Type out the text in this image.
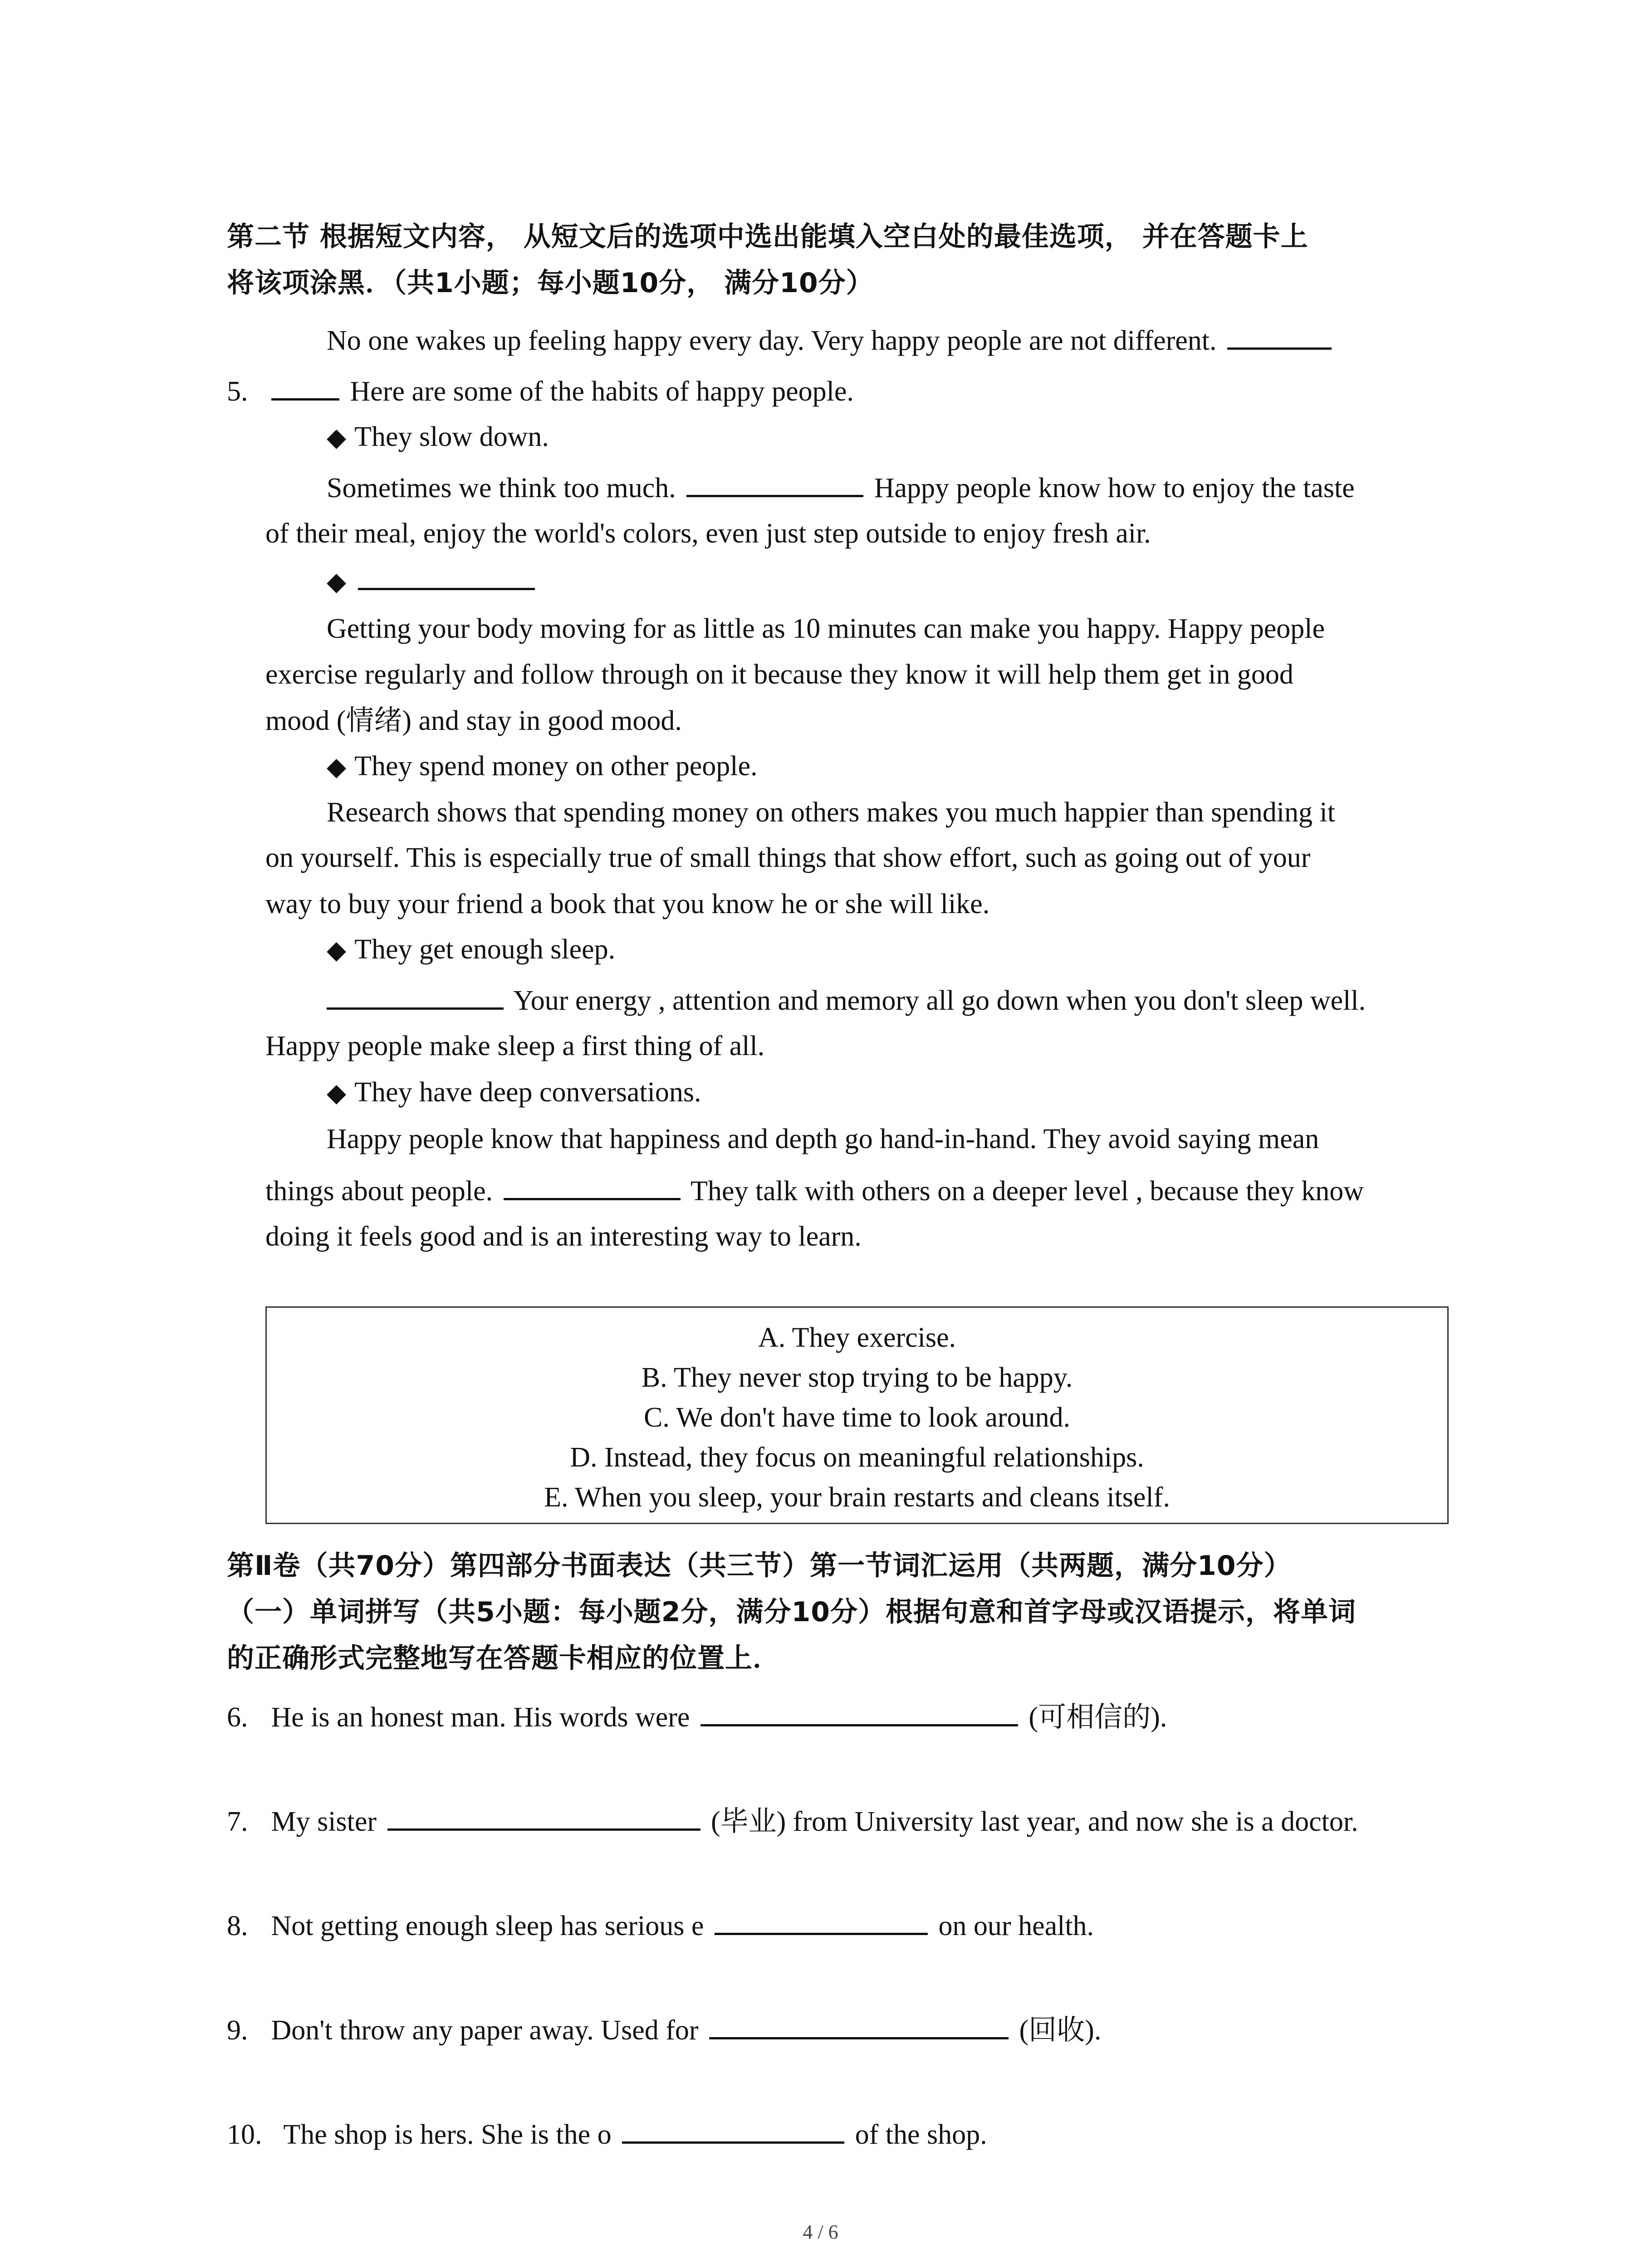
第二节 根据短文内容， 从短文后的选项中选出能填入空白处的最佳选项， 并在答题卡上
将该项涂黑．（共1小题；每小题10分， 满分10分）
No one wakes up feeling happy every day. Very happy people are not different.
5.	Here are some of the habits of happy people.
◆ They slow down.
Sometimes we think too much.	Happy people know how to enjoy the taste
of their meal, enjoy the world's colors, even just step outside to enjoy fresh air.
◆
Getting your body moving for as little as 10 minutes can make you happy. Happy people
exercise regularly and follow through on it because they know it will help them get in good
mood (情绪) and stay in good mood.
◆ They spend money on other people.
Research shows that spending money on others makes you much happier than spending it
on yourself. This is especially true of small things that show effort, such as going out of your
way to buy your friend a book that you know he or she will like.
◆ They get enough sleep.
Your energy , attention and memory all go down when you don't sleep well.
Happy people make sleep a first thing of all.
◆ They have deep conversations.
Happy people know that happiness and depth go hand-in-hand. They avoid saying mean
things about people.	They talk with others on a deeper level , because they know
doing it feels good and is an interesting way to learn.
A. They exercise.
B. They never stop trying to be happy.
C. We don't have time to look around.
D. Instead, they focus on meaningful relationships.
E. When you sleep, your brain restarts and cleans itself.
第Ⅱ卷（共70分）第四部分书面表达（共三节）第一节词汇运用（共两题，满分10分）
（一）单词拼写（共5小题：每小题2分，满分10分）根据句意和首字母或汉语提示，将单词
的正确形式完整地写在答题卡相应的位置上．
6. He is an honest man. His words were	(可相信的).
7. My sister	(毕业) from University last year, and now she is a doctor.
8. Not getting enough sleep has serious e	on our health.
9. Don't throw any paper away. Used for	(回收).
10. The shop is hers. She is the o	of the shop.
4 / 6
